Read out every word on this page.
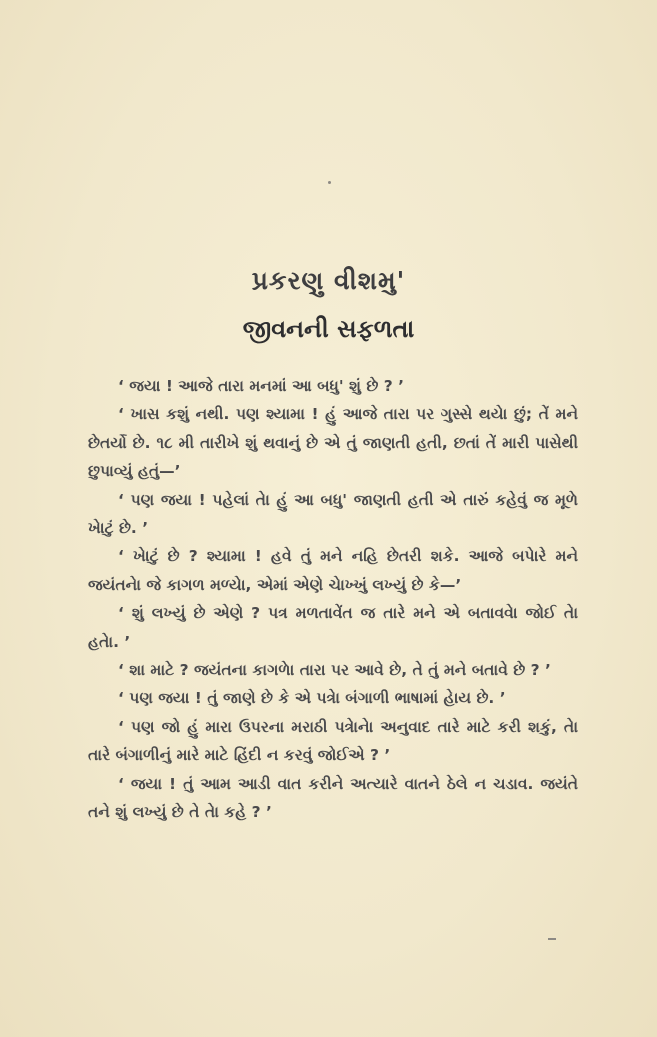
પ્રકરણુ વીશમુ'
જીવનની સફળતા

‘ જયા ! આજે તારા મનમાં આ બધુ' શું છે ? ’

‘ ખાસ કશું નથી. પણ શ્યામા ! હું આજે તારા પર ગુસ્સે થયેા છું; તેં મને છેતર્યો છે. ૧૮ મી તારીખે શું થવાનું છે એ તું જાણતી હતી, છતાં તેં મારી પાસેથી છુપાવ્યું હતું—’

‘ પણ જયા ! પહેલાં તેા હું આ બધુ' જાણતી હતી એ તારું કહેવું જ મૂળે ખેાટું છે. ’

‘ ખેાટું છે ? શ્યામા ! હવે તું મને નહિ છેતરી શકે. આજે બપેારે મને જયંતનેા જે કાગળ મળ્યેા, એમાં એણે ચેાખ્ખું લખ્યું છે કે—’

‘ શું લખ્યું છે એણે ? પત્ર મળતાવેંત જ તારે મને એ બતાવવેા જોઈ તેા હતેા. ’

‘ શા માટે ? જયંતના કાગળેા તારા પર આવે છે, તે તું મને બતાવે છે ? ’

‘ પણ જયા ! તું જાણે છે કે એ પત્રેા બંગાળી ભાષામાં હેાય છે. ’

‘ પણ જો હું મારા ઉપરના મરાઠી પત્રેાનેા અનુવાદ તારે માટે કરી શકું, તેા તારે બંગાળીનું મારે માટે હિંદી ન કરવું જોઈએ ? ’

‘ જયા ! તું આમ આડી વાત કરીને અત્યારે વાતને ઠેલે ન ચડાવ. જયંતે તને શું લખ્યું છે તે તેા કહે ? ’
